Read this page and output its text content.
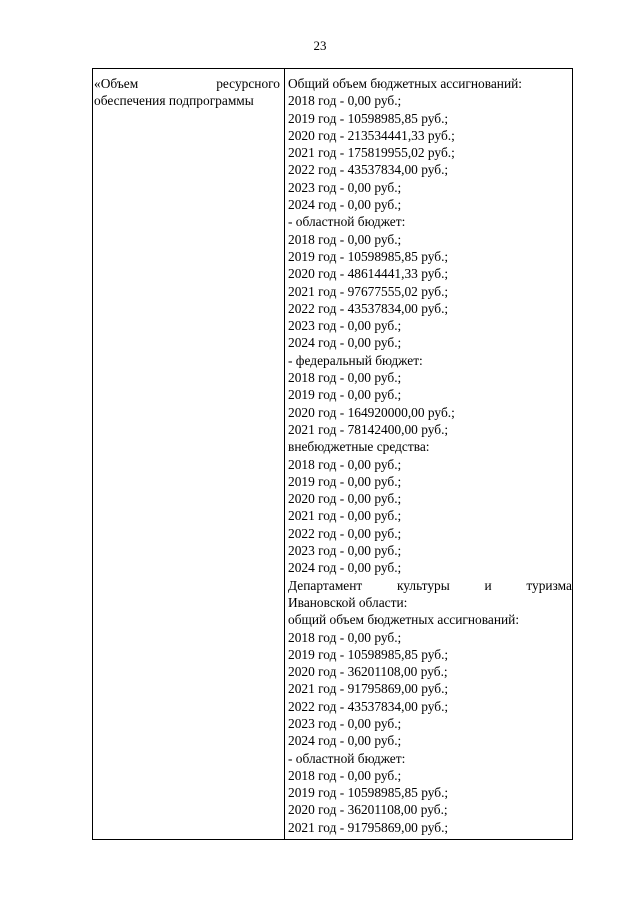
23
«Объем ресурсного
обеспечения подпрограммы
Общий объем бюджетных ассигнований:
2018 год - 0,00 руб.;
2019 год - 10598985,85 руб.;
2020 год - 213534441,33 руб.;
2021 год - 175819955,02 руб.;
2022 год - 43537834,00 руб.;
2023 год - 0,00 руб.;
2024 год - 0,00 руб.;
- областной бюджет:
2018 год - 0,00 руб.;
2019 год - 10598985,85 руб.;
2020 год - 48614441,33 руб.;
2021 год - 97677555,02 руб.;
2022 год - 43537834,00 руб.;
2023 год - 0,00 руб.;
2024 год - 0,00 руб.;
- федеральный бюджет:
2018 год - 0,00 руб.;
2019 год - 0,00 руб.;
2020 год - 164920000,00 руб.;
2021 год - 78142400,00 руб.;
внебюджетные средства:
2018 год - 0,00 руб.;
2019 год - 0,00 руб.;
2020 год - 0,00 руб.;
2021 год - 0,00 руб.;
2022 год - 0,00 руб.;
2023 год - 0,00 руб.;
2024 год - 0,00 руб.;
Департамент культуры и туризма
Ивановской области:
общий объем бюджетных ассигнований:
2018 год - 0,00 руб.;
2019 год - 10598985,85 руб.;
2020 год - 36201108,00 руб.;
2021 год - 91795869,00 руб.;
2022 год - 43537834,00 руб.;
2023 год - 0,00 руб.;
2024 год - 0,00 руб.;
- областной бюджет:
2018 год - 0,00 руб.;
2019 год - 10598985,85 руб.;
2020 год - 36201108,00 руб.;
2021 год - 91795869,00 руб.;
